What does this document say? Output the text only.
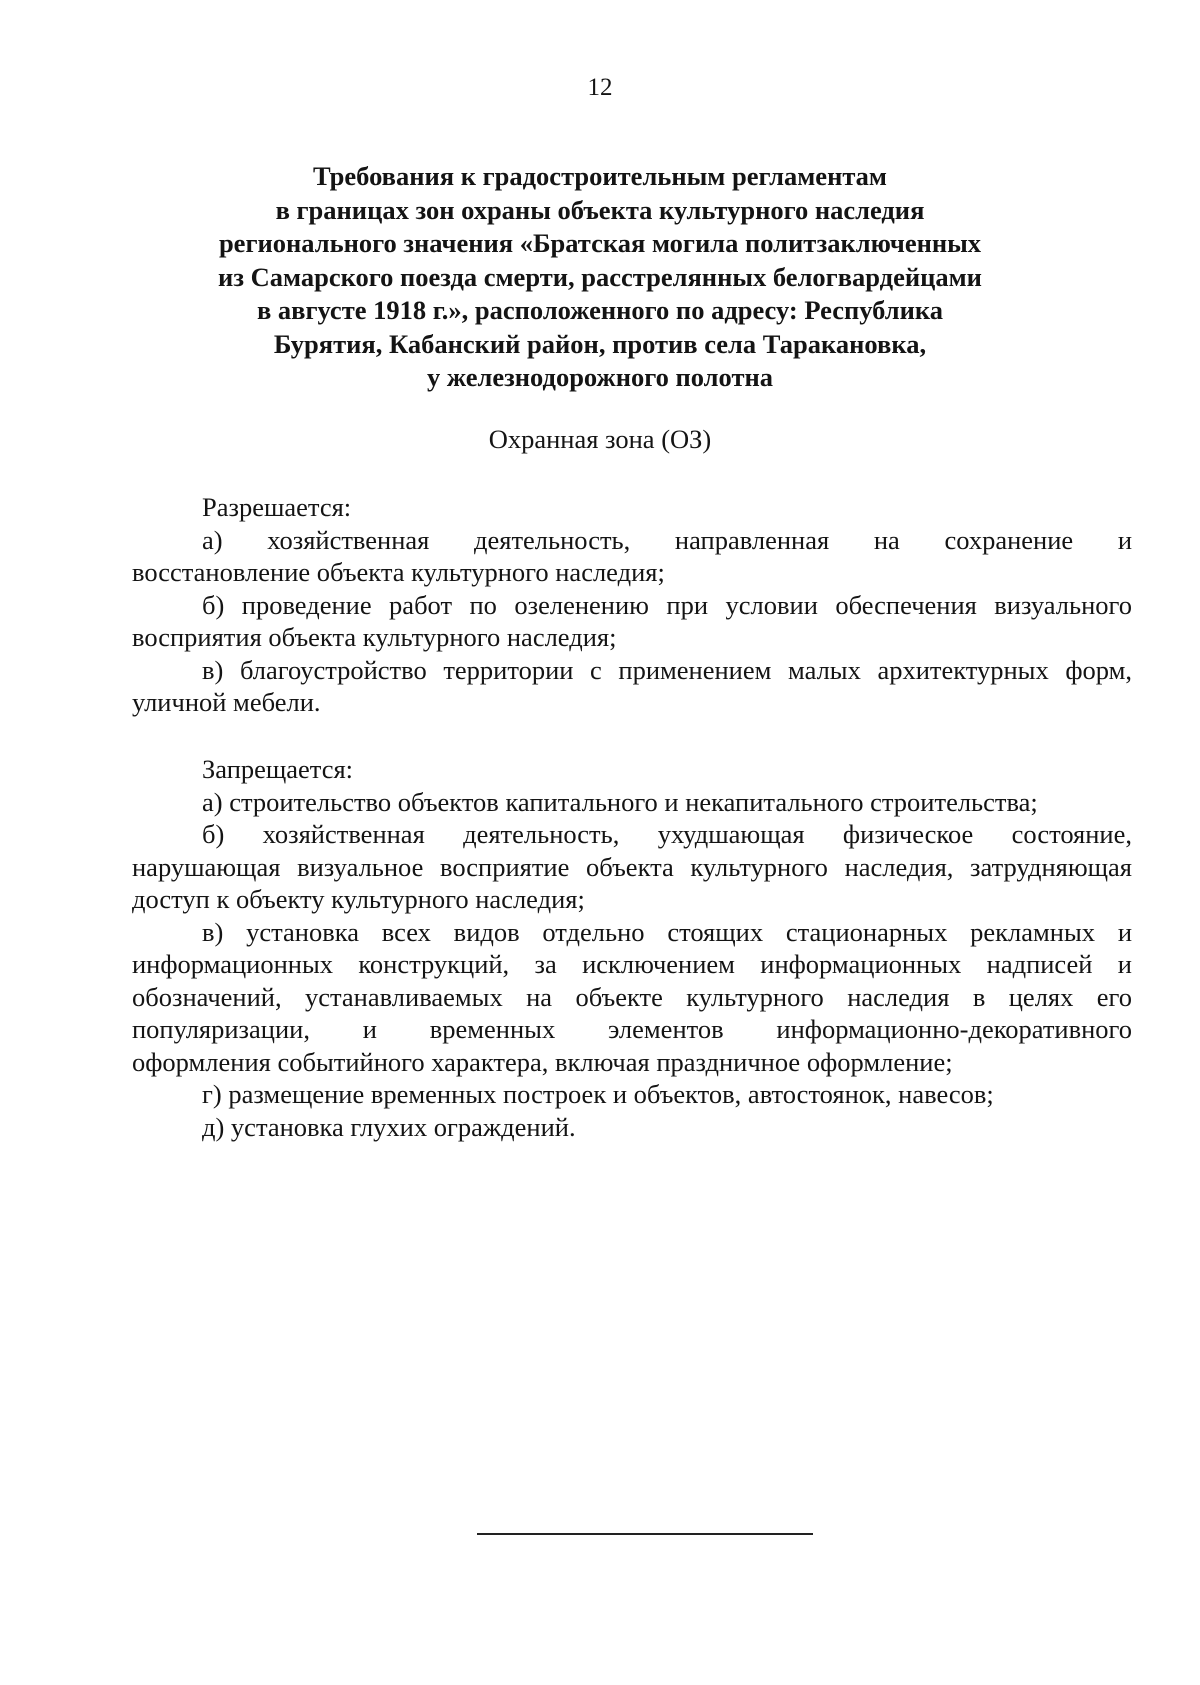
12
Требования к градостроительным регламентам
в границах зон охраны объекта культурного наследия
регионального значения «Братская могила политзаключенных
из Самарского поезда смерти, расстрелянных белогвардейцами
в августе 1918 г.», расположенного по адресу: Республика
Бурятия, Кабанский район, против села Таракановка,
у железнодорожного полотна
Охранная зона (ОЗ)
Разрешается:
а) хозяйственная деятельность, направленная на сохранение и
восстановление объекта культурного наследия;
б) проведение работ по озеленению при условии обеспечения визуального
восприятия объекта культурного наследия;
в) благоустройство территории с применением малых архитектурных форм,
уличной мебели.
Запрещается:
а) строительство объектов капитального и некапитального строительства;
б) хозяйственная деятельность, ухудшающая физическое состояние,
нарушающая визуальное восприятие объекта культурного наследия, затрудняющая
доступ к объекту культурного наследия;
в) установка всех видов отдельно стоящих стационарных рекламных и
информационных конструкций, за исключением информационных надписей и
обозначений, устанавливаемых на объекте культурного наследия в целях его
популяризации, и временных элементов информационно-декоративного
оформления событийного характера, включая праздничное оформление;
г) размещение временных построек и объектов, автостоянок, навесов;
д) установка глухих ограждений.
